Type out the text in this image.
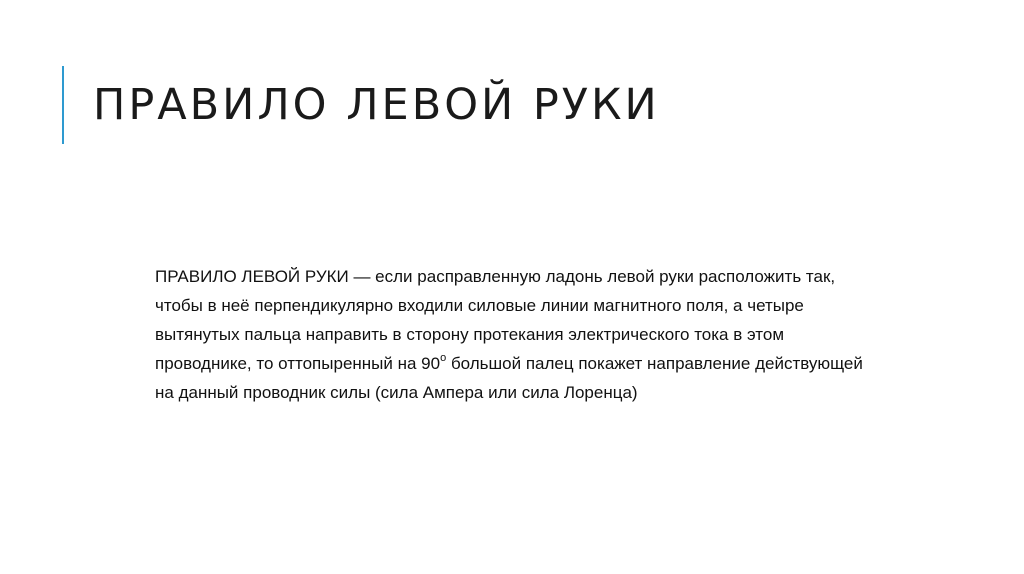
ПРАВИЛО ЛЕВОЙ РУКИ

ПРАВИЛО ЛЕВОЙ РУКИ — если расправленную ладонь левой руки расположить так,
чтобы в неё перпендикулярно входили силовые линии магнитного поля, а четыре
вытянутых пальца направить в сторону протекания электрического тока в этом
проводнике, то оттопыренный на $90^о$ большой палец покажет направление действующей
на данный проводник силы (сила Ампера или сила Лоренца)
